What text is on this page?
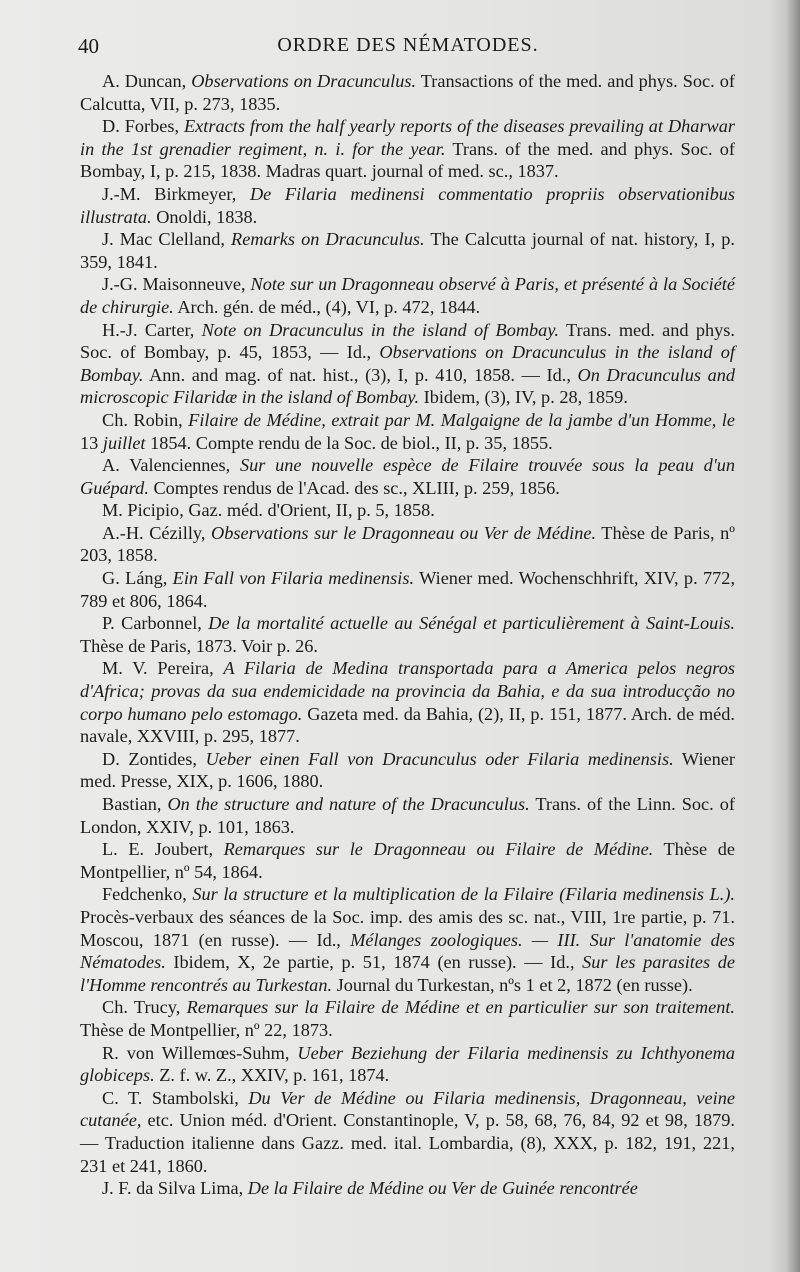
40	ORDRE DES NÉMATODES.

A. Duncan, Observations on Dracunculus. Transactions of the med. and phys. Soc. of Calcutta, VII, p. 273, 1835.

D. Forbes, Extracts from the half yearly reports of the diseases prevailing at Dharwar in the 1st grenadier regiment, n. i. for the year. Trans. of the med. and phys. Soc. of Bombay, I, p. 215, 1838. Madras quart. journal of med. sc., 1837.

J.-M. Birkmeyer, De Filaria medinensi commentatio propriis observationibus illustrata. Onoldi, 1838.

J. Mac Clelland, Remarks on Dracunculus. The Calcutta journal of nat. history, I, p. 359, 1841.

J.-G. Maisonneuve, Note sur un Dragonneau observé à Paris, et présenté à la Société de chirurgie. Arch. gén. de méd., (4), VI, p. 472, 1844.

H.-J. Carter, Note on Dracunculus in the island of Bombay. Trans. med. and phys. Soc. of Bombay, p. 45, 1853, — Id., Observations on Dracunculus in the island of Bombay. Ann. and mag. of nat. hist., (3), I, p. 410, 1858. — Id., On Dracunculus and microscopic Filaridæ in the island of Bombay. Ibidem, (3), IV, p. 28, 1859.

Ch. Robin, Filaire de Médine, extrait par M. Malgaigne de la jambe d'un Homme, le 13 juillet 1854. Compte rendu de la Soc. de biol., II, p. 35, 1855.

A. Valenciennes, Sur une nouvelle espèce de Filaire trouvée sous la peau d'un Guépard. Comptes rendus de l'Acad. des sc., XLIII, p. 259, 1856.

M. Picipio, Gaz. méd. d'Orient, II, p. 5, 1858.

A.-H. Cézilly, Observations sur le Dragonneau ou Ver de Médine. Thèse de Paris, nº 203, 1858.

G. Láng, Ein Fall von Filaria medinensis. Wiener med. Wochenschhrift, XIV, p. 772, 789 et 806, 1864.

P. Carbonnel, De la mortalité actuelle au Sénégal et particulièrement à Saint-Louis. Thèse de Paris, 1873. Voir p. 26.

M. V. Pereira, A Filaria de Medina transportada para a America pelos negros d'Africa; provas da sua endemicidade na provincia da Bahia, e da sua introducção no corpo humano pelo estomago. Gazeta med. da Bahia, (2), II, p. 151, 1877. Arch. de méd. navale, XXVIII, p. 295, 1877.

D. Zontides, Ueber einen Fall von Dracunculus oder Filaria medinensis. Wiener med. Presse, XIX, p. 1606, 1880.

Bastian, On the structure and nature of the Dracunculus. Trans. of the Linn. Soc. of London, XXIV, p. 101, 1863.

L. E. Joubert, Remarques sur le Dragonneau ou Filaire de Médine. Thèse de Montpellier, nº 54, 1864.

Fedchenko, Sur la structure et la multiplication de la Filaire (Filaria medinensis L.). Procès-verbaux des séances de la Soc. imp. des amis des sc. nat., VIII, 1re partie, p. 71. Moscou, 1871 (en russe). — Id., Mélanges zoologiques. — III. Sur l'anatomie des Nématodes. Ibidem, X, 2e partie, p. 51, 1874 (en russe). — Id., Sur les parasites de l'Homme rencontrés au Turkestan. Journal du Turkestan, nºs 1 et 2, 1872 (en russe).

Ch. Trucy, Remarques sur la Filaire de Médine et en particulier sur son traitement. Thèse de Montpellier, nº 22, 1873.

R. von Willemœs-Suhm, Ueber Beziehung der Filaria medinensis zu Ichthyonema globiceps. Z. f. w. Z., XXIV, p. 161, 1874.

C. T. Stambolski, Du Ver de Médine ou Filaria medinensis, Dragonneau, veine cutanée, etc. Union méd. d'Orient. Constantinople, V, p. 58, 68, 76, 84, 92 et 98, 1879. — Traduction italienne dans Gazz. med. ital. Lombardia, (8), XXX, p. 182, 191, 221, 231 et 241, 1860.

J. F. da Silva Lima, De la Filaire de Médine ou Ver de Guinée rencontrée
